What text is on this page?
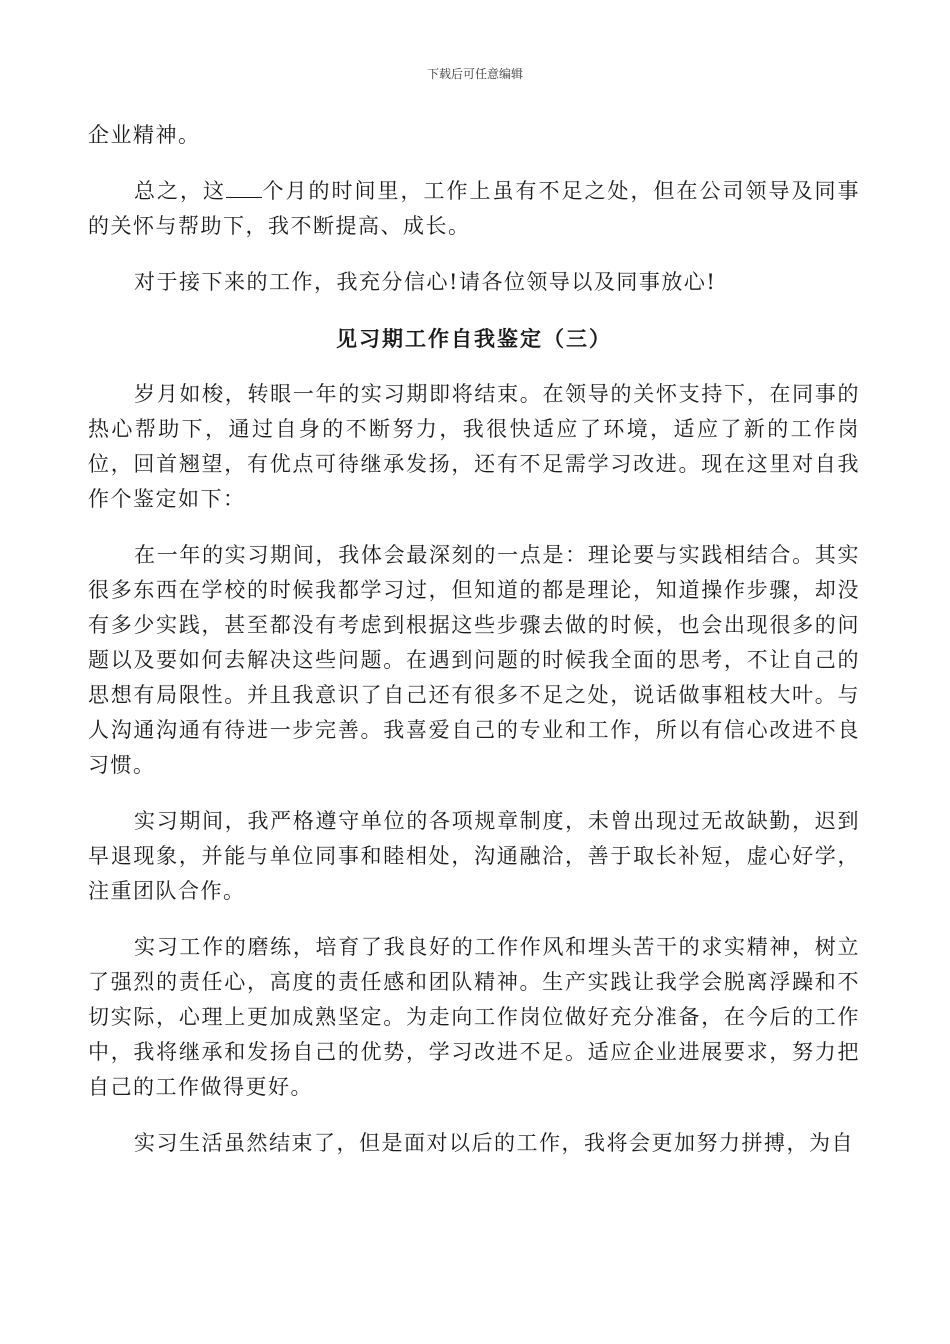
下载后可任意编辑

企业精神。

总之，这 个月的时间里，工作上虽有不足之处，但在公司领导及同事的关怀与帮助下，我不断提高、成长。

对于接下来的工作，我充分信心!请各位领导以及同事放心!

见习期工作自我鉴定（三）

岁月如梭，转眼一年的实习期即将结束。在领导的关怀支持下，在同事的热心帮助下，通过自身的不断努力，我很快适应了环境，适应了新的工作岗位，回首翘望，有优点可待继承发扬，还有不足需学习改进。现在这里对自我作个鉴定如下：

在一年的实习期间，我体会最深刻的一点是：理论要与实践相结合。其实很多东西在学校的时候我都学习过，但知道的都是理论，知道操作步骤，却没有多少实践，甚至都没有考虑到根据这些步骤去做的时候，也会出现很多的问题以及要如何去解决这些问题。在遇到问题的时候我全面的思考，不让自己的思想有局限性。并且我意识了自己还有很多不足之处，说话做事粗枝大叶。与人沟通沟通有待进一步完善。我喜爱自己的专业和工作，所以有信心改进不良习惯。

实习期间，我严格遵守单位的各项规章制度，未曾出现过无故缺勤，迟到早退现象，并能与单位同事和睦相处，沟通融洽，善于取长补短，虚心好学，注重团队合作。

实习工作的磨练，培育了我良好的工作作风和埋头苦干的求实精神，树立了强烈的责任心，高度的责任感和团队精神。生产实践让我学会脱离浮躁和不切实际，心理上更加成熟坚定。为走向工作岗位做好充分准备，在今后的工作中，我将继承和发扬自己的优势，学习改进不足。适应企业进展要求，努力把自己的工作做得更好。

实习生活虽然结束了，但是面对以后的工作，我将会更加努力拼搏，为自
